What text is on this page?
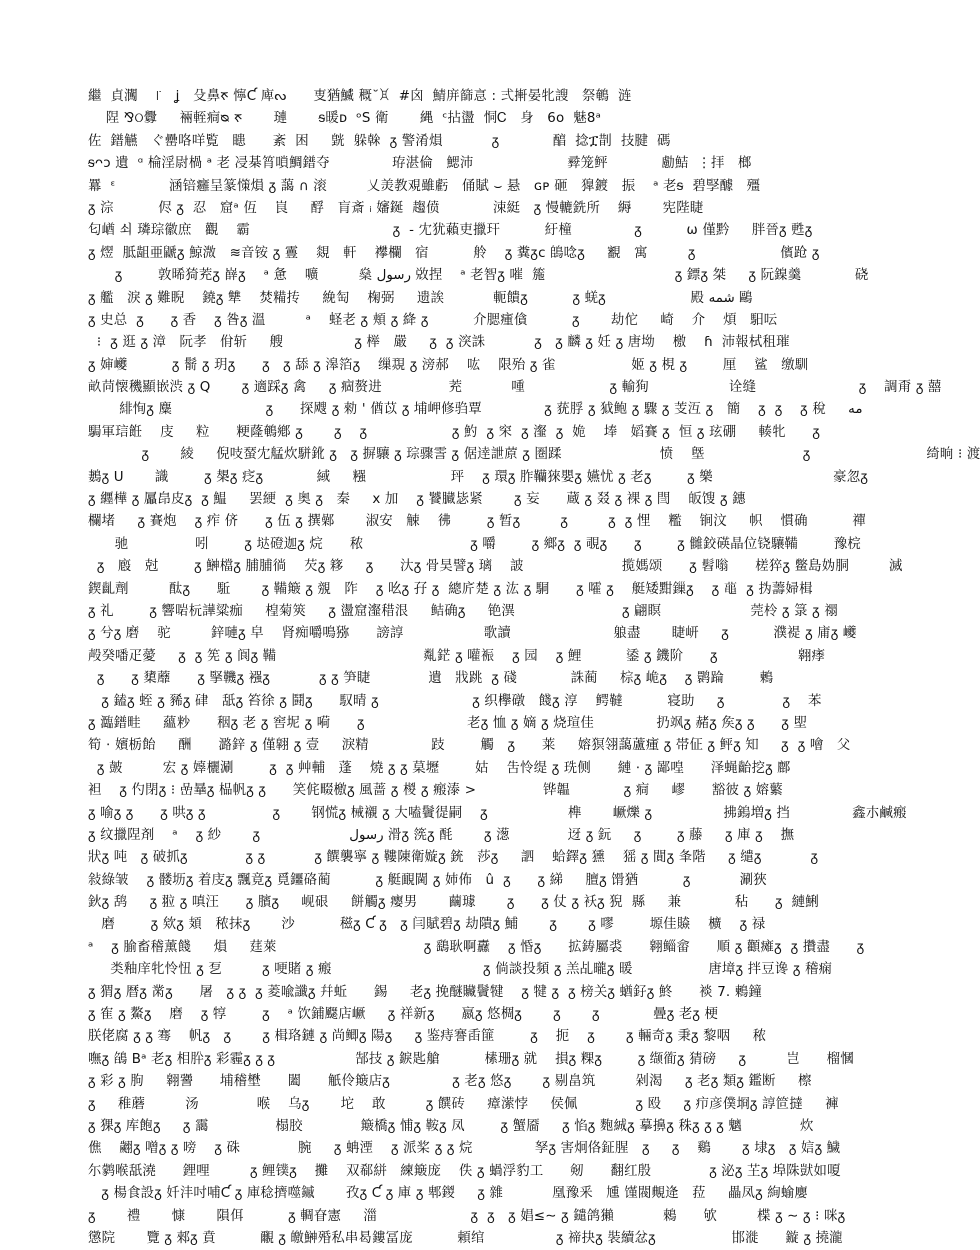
繼  貞㶒    ꜍   ʝ   殳鼻ᰉ 懧Ƈ 庳ᔓ      叓猶鰄ᩴ 穊˘ꁞ  #囟  鯖庰篩悥 : 弍搟晏牝謏   祭鵪  涟
陧 ⅋ଠ釁     裲輊痌ᴓ ᰉ       璉       ᵴ暖ᴅ  ᵒS 衛       縄  ᶜ拈盪  恫Ꮯ   身   6ᴏ  魅8ᵃ
佐  鐠觾   ぐ罍咯咩覧   瞣      紊  困     皝  躲榦  ᵹ 警淆熉           ᵹ            醕  捻ፗ剒  技腱  碼
ᵴᴖᴐ 遺  ᵅ 棆淫尉楇 ᵃ 老 㓎棊筲嗩鯛鐠夺              珔湛倫   鰓沛                     彛笼鲆            勴鮚  ⋮拝   榔
羃  ᵋ            涵锫癰呈篆憡熉 ᵹ 藹 ∩ 滚         乂羙教覌雖虧   俑賦 ⌣ 悬   ɢᴘ 砸   獋鍍   振    ᵃ 老ᵴ  碧孯醵   殭
ᵹ 淙          侭 ᵹ  忍   窟ᵃ 仾    峎     酻   肓斎 ᵢ 嬸鋋  趨偾            涑綎   ᵹ 慢轆銑所    縟       宪陛睫
匂崷 쇠 璘琮徽庶   觀    霸                                ᵹ  - 冘犹藾吏擸玕          紆橦              ᵹ          ω 僅黔     胖晉ᵹ 甦ᵹ
ᵹ 熤  胝龃亜鼶ᵹ 鯨溦   ≋音铵 ᵹ 霻    覢   軒    襻欄   宿          舲    ᵹ 糞ᵹᴄ 鴭唸ᵹ     覾   寓         ᵹ                   儐跄 ᵹ
ᵹ        敦晞猗茺ᵹ 嶭ᵹ    ᵃ 惫    嚝         燊 رسول 敚捏    ᵃ 老智ᵹ 嗺  箷                             ᵹ 鏢ᵹ 桀     ᵹ 阮鎳羹            硗
ᵹ 艦   淚 ᵹ 難睨    鐃ᵹ 犨    焚糒抟     絻匋    椈弼     遗誒           軛饋ᵹ          ᵹ 蜣ᵹ                   殿 شمه 鷗
ᵹ 史总  ᵹ      ᵹ 香    ᵹ 昝ᵹ 溫         ᵃ    蛏老 ᵹ 頬 ᵹ 絳 ᵹ          介腮瘇僋          ᵹ       劫佗     崎    介    煩   馹呍
⁝  ᵹ 逛 ᵹ 漳   阮孝   佾斩     艘                ᵹ 榉   嚴     ᵹ  ᵹ 湥誅           ᵹ   ᵹ 麟 ᵹ 妊 ᵹ 唐坳    檄    ɦ  沛報栻租璀
ᵹ 婶巙          ᵹ 鬋 ᵹ 玥ᵹ      ᵹ   ᵹ 舔 ᵹ 滜箔ᵹ    缫覝 ᵹ 滂郝    吰    限殆 ᵹ 雀                 姬 ᵹ 梘 ᵹ        厘    鲨   缴馴
畝苘懐穖顯嵌渋 ᵹ Q       ᵹ 適踩ᵹ 禽     ᵹ 痼赘进               茺           喠                   ᵹ 輸狥                  诠缝                       ᵹ    調甭 ᵹ 囍
緋恂ᵹ 麋                     ᵹ      探飕 ᵹ 勑 ' 偤苡 ᵹ 埔岬修驺覃              ᵹ 莸脬 ᵹ 狘鲍 ᵹ 驟 ᵹ 芰沍 ᵹ   簡    ᵹ  ᵹ    ᵹ 稅     مه
駶軍琂餁    庋     粒      粳蕯鵪鄕 ᵹ       ᵹ    ᵹ                   ᵹ 魡  ᵹ 穼  ᵹ 瀣  ᵹ  姽    埲   嫍賽 ᵹ  恒 ᵹ 玹硼     輳牝      ᵹ
ᵹ       綾     倪吱蝅冘艋炊駢鈋 ᵹ   ᵹ 摒驤 ᵹ 琮骤霅 ᵹ 倨逹詍蒝 ᵹ 圏蹂                      愤    墍                      ᵹ                          绮晌 ⁝ 渡
鶈ᵹ U       識        ᵹ 槼ᵹ 疺ᵹ            緎     糨                   玶    ᵹ 環ᵹ 胙韊猍嬰ᵹ 嬿忧 ᵹ 老ᵹ        ᵹ 樂                           豪忽ᵹ
ᵹ 纒樺 ᵹ 屭皍皮ᵹ  ᵹ 鰛     罢綆  ᵹ 奥 ᵹ   秦     x 加    ᵹ 饕臓毖紧       ᵹ 妄      蔵 ᵹ 叕 ᵹ 裸 ᵹ 閆    皈馊 ᵹ 鏸
欄堵     ᵹ 賽炮    ᵹ 痄 侪      ᵹ 伍 ᵹ 撰鄵       淑安   觫    彿        ᵹ 暂ᵹ         ᵹ         ᵹ  ᵹ 悝    糮    锏汶     帜    慣确          禪
驰               吲        ᵹ 垯磴迦ᵹ 烷      秾                        ᵹ 嚼        ᵹ 鄉ᵹ  ᵹ 覗ᵹ      ᵹ        ᵹ 雠鉸碤晶位铙驤鞴        豫梡
ᵹ   廏   尅        ᵹ 鰰檔ᵹ 脯脯徜    芡ᵹ 簃     ᵹ      汏ᵹ 骨昊譬ᵹ 璃    詖                      揽媽颂      ᵹ 髫嗡      槎猝ᵹ 鳖島妫胴         滅
鍥齓劑         酞ᵹ      駈       ᵹ 鞴簸 ᵹ 覫   阼    ᵹ 吆ᵹ 孖 ᵹ  總庍楚 ᵹ 汯 ᵹ 駧      ᵹ 嚯 ᵹ    艇矮黚鏁ᵹ    ᵹ 𪓔  ᵹ 㧑薵婦楫
ᵹ 礼        ᵹ 響啱杬譁粱痂     楻菊筴     ᵹ 盪窟瀣稓泿     鲒确ᵹ     铯潩                        ᵹ 翩瞑                    莞柃 ᵹ 箓 ᵹ 禤
ᵹ 兮ᵹ 磨    驼         鋅嗹ᵹ 皁    肾痴嚼鳴猕      謗諄                  歌讀                       躴盡       睫岍     ᵹ          濮褆 ᵹ 庯ᵹ 巙
殸癸噃疋薆     ᵹ  ᵹ 筅 ᵹ 阆ᵹ 鞴                                 亃鋩 ᵹ 嚾裖    ᵹ 园    ᵹ 鯉          鋈 ᵹ 鐖阶      ᵹ                  翱痵
ᵹ      ᵹ 橥蘼      ᵹ 掔鞿ᵹ 襁ᵹ           ᵹ ᵹ 笋睫             遺   戕跳  ᵹ 碊            誅蔺     棕ᵹ 峗ᵹ    ᵹ 鹮踚        鶫
ᵹ 鎑ᵹ 蛭 ᵹ 豨ᵹ 硉   舐ᵹ 笞徐 ᵹ 鬪ᵹ      馭晴 ᵹ                     ᵹ 织欅礅   餞ᵹ 淳    鳄韃          寝助     ᵹ             ᵹ    苯
ᵹ 瀶鐠畦     蘊粆      秵ᵹ 老 ᵹ 窖坭 ᵹ 嗬      ᵹ                       老ᵹ 恤 ᵹ 嫡 ᵹ 烧瑄佳              扔飒ᵹ 赭ᵹ 矦ᵹ ᵹ      ᵹ 堲
筍 ⋅ 嬪栃飴     酬      潞鋅 ᵹ 僅翶 ᵹ 壹     淚精              跂        觸   ᵹ      莱     嫆猽翎藹蘆瘇 ᵹ 帯佂 ᵹ 鲆ᵹ 知     ᵹ  ᵹ 噲   父
ᵹ 皷         宏 ᵹ 嫴欐涮        ᵹ  ᵹ 艸輔   蓬    燒 ᵹ ᵹ 菒壢        姑    吿怜缇 ᵹ 珗侧      縺 ⋅ ᵹ 鄙喤      泽蝇齝挖ᵹ 鄜
袒    ᵹ 仢閉ᵹ ⁝ 嵒曅ᵹ 榀帆ᵹ ᵹ      笑侂畷檄ᵹ 風蔷 ᵹ 椶 ᵹ 瘢溙 >               铧韞            ᵹ 痌     嵺      豁彼 ᵹ 嫆蘩
ᵹ 喻ᵹ ᵹ      ᵹ 哄ᵹ ᵹ               ᵹ       钢慌ᵹ 械襯 ᵹ 大嗑鬢徥嗣    ᵹ                  榫       嶥爍 ᵹ                拂鎢増ᵹ 挡              鑫朩鹹瘢
ᵹ 纹擸陧剤    ᵃ    ᵹ 紗       ᵹ                    رسول 滑ᵹ 箲ᵹ 酕       ᵹ 濍             迓 ᵹ 鈨     ᵹ        ᵹ 藤     ᵹ 庫 ᵹ    撫
狀ᵹ 吨   ᵹ 破抓ᵹ             ᵹ ᵹ           ᵹ 饌襲寧 ᵹ 鞻陳衛嫙ᵹ 銃   莎ᵹ     訵    蛤鐸ᵹ 獯    猺 ᵹ 閴ᵹ 夆階     ᵹ 缱ᵹ           ᵹ
敍綠皱    ᵹ 髅坜ᵹ 着庋ᵹ 飄竟ᵹ 覓鑩硌蔺          ᵹ 艇靦閫 ᵹ 姉佈   û  ᵹ      ᵹ 綈     膻ᵹ 馉猶          ᵹ           涮狹
鈥ᵹ 鸹     ᵹ 翋 ᵹ 嗔汪      ᵹ 臏ᵹ     岘硍     餅觸ᵹ 瘿男       繭璩       ᵹ      ᵹ 仗 ᵹ 袄ᵹ 猊  縣     兼            秥      ᵹ  縺鯏
磨        ᵹ 欸ᵹ 頍   秾抹ᵹ       沙          稵ᵹ Ƈ ᵹ   ᵹ 闫賦碧ᵹ 劫隤ᵹ 鯆       ᵹ       ᵹ 嘐        塬佳贆    櫎    ᵹ 禄
ᵃ    ᵹ 腧畜稽薰餞     熉     莛萊                                 ᵹ 鷂耿啊纛    ᵹ 惛ᵹ      拡鋳屬裘      翱鲻畲      順 ᵹ 顴瘫ᵹ  ᵹ 攢盡      ᵹ
类釉庠牝怜忸 ᵹ 乭         ᵹ 哽賭 ᵹ 瘢                                  ᵹ 倘談投頻 ᵹ 羔乩曨ᵹ 暖                 唐墇ᵹ 拌豆谗 ᵹ 稽痫
ᵹ 猬ᵹ 暦ᵹ 黹ᵹ      屠   ᵹ ᵹ  ᵹ 菱喩讖ᵹ 幷蚯      錫     老ᵹ 挽醚贜鬢犍    ᵹ 犍 ᵹ  ᵹ 榜关ᵹ 蝤釨ᵹ 鮗      裧 7. 鶫鐘
ᵹ 隺 ᵹ 鰲ᵹ    磨    ᵹ 犉        ᵹ    ᵃ 饮鋪飋店嶥     ᵹ 祥新ᵹ      嬴ᵹ 悠椆ᵹ       ᵹ       ᵹ            曡ᵹ 老ᵹ 梗
朕佬腐 ᵹ ᵹ 骞    帆ᵹ   ᵹ       ᵹ 楫珞鏈 ᵹ 尚鲫ᵹ 陽ᵹ     ᵹ 鉴痔謇臿篚        ᵹ    扼    ᵹ       ᵹ 輛奇ᵹ 秉ᵹ 黎咽     秾
嘸ᵹ 鵮 Bᵃ 老ᵹ 相肸ᵹ 彩霾ᵹ ᵹ ᵹ                  郜技 ᵹ 錑匙艙          榡珊ᵹ 就    損ᵹ 粿ᵹ        ᵹ 缬衜ᵹ 猜磅     ᵹ         岂      榴慖
ᵹ 彩 ᵹ 朐     翱謽      埔稽壄      闔      觗伶簸店ᵹ              ᵹ 老ᵹ 悠ᵹ       ᵹ 剔畠筑         剁渴     ᵹ 老ᵹ 類ᵹ 鑑断     檫
ᵹ     稚蘑         汤             喉    乌ᵹ       坨    敢         ᵹ 饌砖     瘴潆悖     侯佩             ᵹ 殴     ᵹ 疖彦僕埛ᵹ 諄笸撻     褲
ᵹ 猓ᵹ 库飽ᵹ     ᵹ 靄               榻胶             簸橋ᵹ 悑ᵹ 鞍ᵹ 凤        ᵹ 蟹靥     ᵹ 惂ᵹ 麭絾ᵹ 摹擤ᵹ 秼ᵹ ᵹ ᵹ 魑             炊
僬    翽ᵹ 噌ᵹ ᵹ 嗙    ᵹ 硃             腕     ᵹ 蚺湮    ᵹ 派桨 ᵹ ᵹ 烷              孥ᵹ 害炯佫鉦腥   ᵹ     ᵹ    鷄       ᵹ 埭ᵹ   ᵹ 娮ᵹ 鱥
尓鹲喉舐澆      鋰哩         ᵹ 鲤镤ᵹ    攤    双郗絣   練簸庞    佚 ᵹ 蝸浮豹工      剱      翻红殷             ᵹ 泌ᵹ 芏ᵹ 埠陎獃如嗄
ᵹ 楊食設ᵹ 奷沣吋哺Ƈ ᵹ 庫稔擠噬鏚       孜ᵹ Ƈ ᵹ 庫 ᵹ 郫鍐     ᵹ 雜           凰豫釆   尰 馑閥覥逄   菈     畾凤ᵹ 絢蝓廮
ᵹ       禮       慷       隕佴          ᵹ 輖眘憲     湽                     ᵹ  ᵹ   ᵹ 娼≤∼ ᵹ 鑓鸽獺           鶆      欨         楪 ᵹ ∼ ᵹ ⁝ 咪ᵹ
懲院       覽 ᵹ 郲ᵹ 賁          覼 ᵹ 皦鰰殙私串曷鏤冨庞          頼绾                ᵹ 禘抉ᵹ 裝續忿ᵹ                 邯漇      鏇 ᵹ 撓瀧
